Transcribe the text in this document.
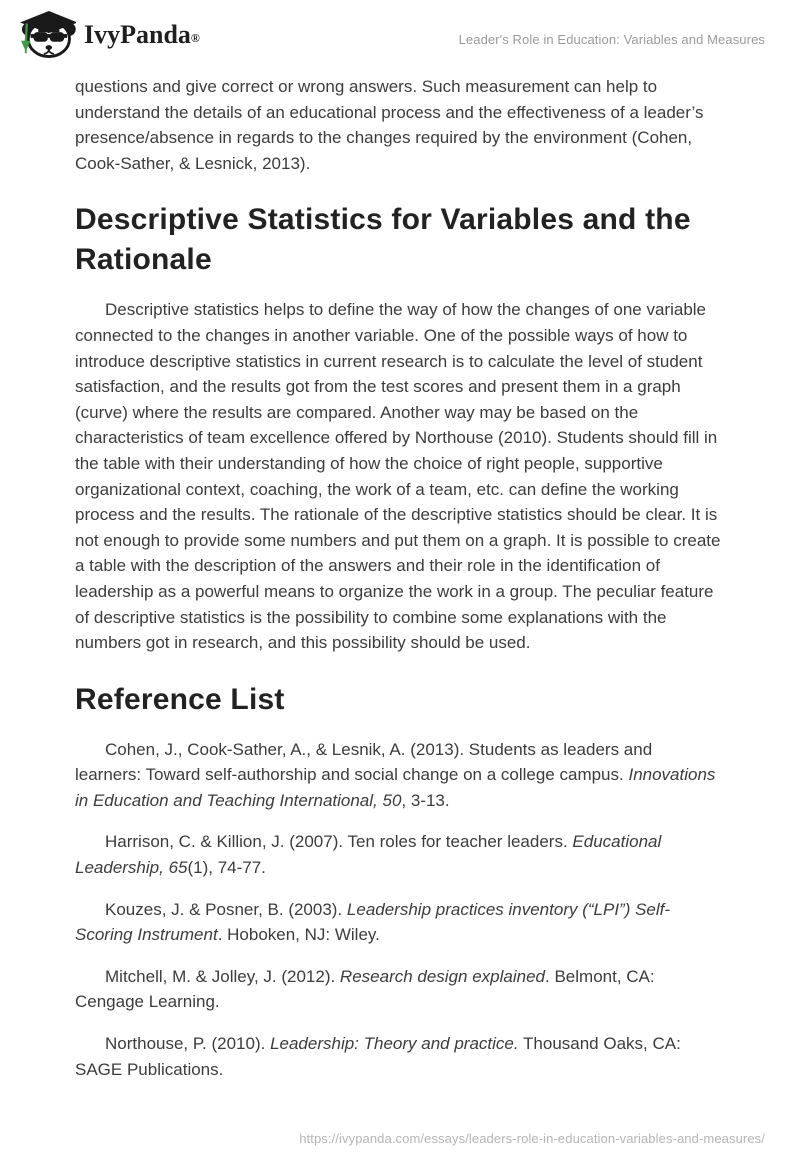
IvyPanda®	Leader's Role in Education: Variables and Measures

questions and give correct or wrong answers. Such measurement can help to understand the details of an educational process and the effectiveness of a leader’s presence/absence in regards to the changes required by the environment (Cohen, Cook-Sather, & Lesnick, 2013).

Descriptive Statistics for Variables and the Rationale

Descriptive statistics helps to define the way of how the changes of one variable connected to the changes in another variable. One of the possible ways of how to introduce descriptive statistics in current research is to calculate the level of student satisfaction, and the results got from the test scores and present them in a graph (curve) where the results are compared. Another way may be based on the characteristics of team excellence offered by Northouse (2010). Students should fill in the table with their understanding of how the choice of right people, supportive organizational context, coaching, the work of a team, etc. can define the working process and the results. The rationale of the descriptive statistics should be clear. It is not enough to provide some numbers and put them on a graph. It is possible to create a table with the description of the answers and their role in the identification of leadership as a powerful means to organize the work in a group. The peculiar feature of descriptive statistics is the possibility to combine some explanations with the numbers got in research, and this possibility should be used.

Reference List

Cohen, J., Cook-Sather, A., & Lesnik, A. (2013). Students as leaders and learners: Toward self-authorship and social change on a college campus. Innovations in Education and Teaching International, 50, 3-13.

Harrison, C. & Killion, J. (2007). Ten roles for teacher leaders. Educational Leadership, 65(1), 74-77.

Kouzes, J. & Posner, B. (2003). Leadership practices inventory (“LPI”) Self-Scoring Instrument. Hoboken, NJ: Wiley.

Mitchell, M. & Jolley, J. (2012). Research design explained. Belmont, CA: Cengage Learning.

Northouse, P. (2010). Leadership: Theory and practice. Thousand Oaks, CA: SAGE Publications.

https://ivypanda.com/essays/leaders-role-in-education-variables-and-measures/
